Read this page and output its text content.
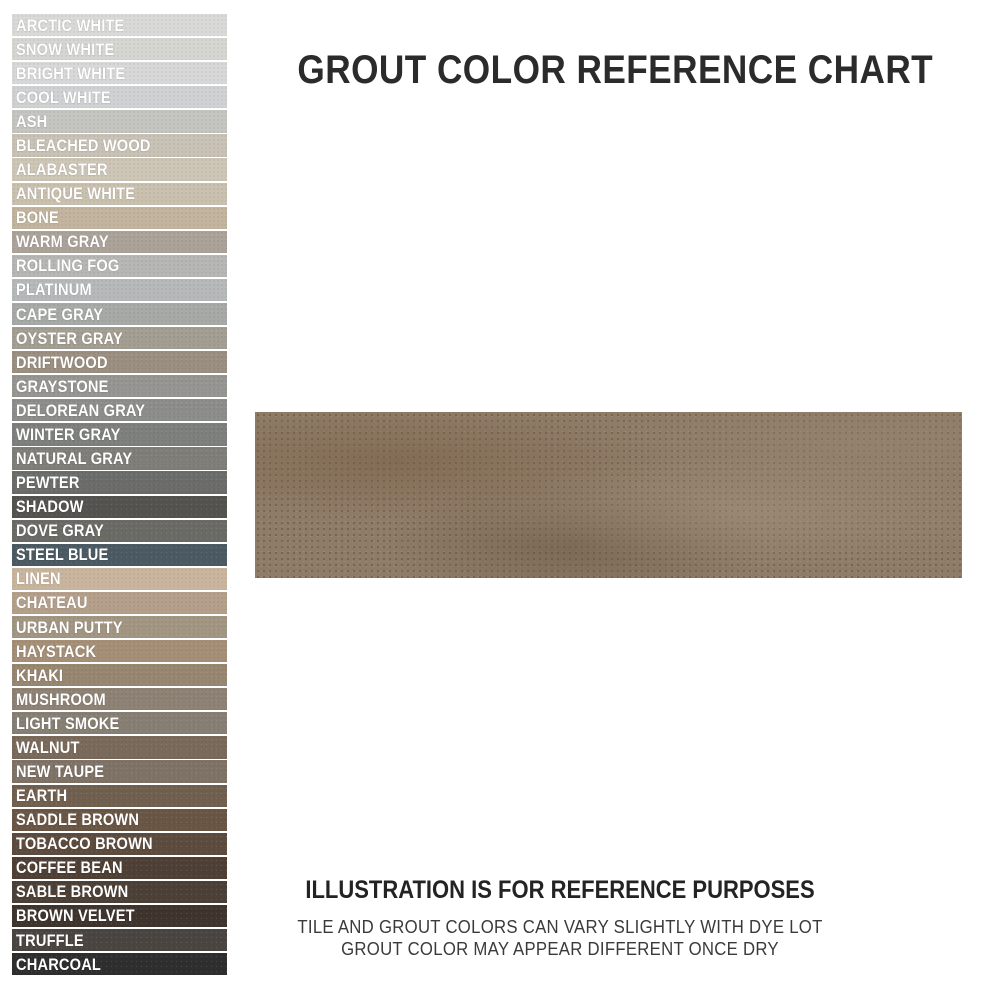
ARCTIC WHITE
SNOW WHITE
BRIGHT WHITE
COOL WHITE
ASH
BLEACHED WOOD
ALABASTER
ANTIQUE WHITE
BONE
WARM GRAY
ROLLING FOG
PLATINUM
CAPE GRAY
OYSTER GRAY
DRIFTWOOD
GRAYSTONE
DELOREAN GRAY
WINTER GRAY
NATURAL GRAY
PEWTER
SHADOW
DOVE GRAY
STEEL BLUE
LINEN
CHATEAU
URBAN PUTTY
HAYSTACK
KHAKI
MUSHROOM
LIGHT SMOKE
WALNUT
NEW TAUPE
EARTH
SADDLE BROWN
TOBACCO BROWN
COFFEE BEAN
SABLE BROWN
BROWN VELVET
TRUFFLE
CHARCOAL
GROUT COLOR REFERENCE CHART
ILLUSTRATION IS FOR REFERENCE PURPOSES

TILE AND GROUT COLORS CAN VARY SLIGHTLY WITH DYE LOT

GROUT COLOR MAY APPEAR DIFFERENT ONCE DRY
